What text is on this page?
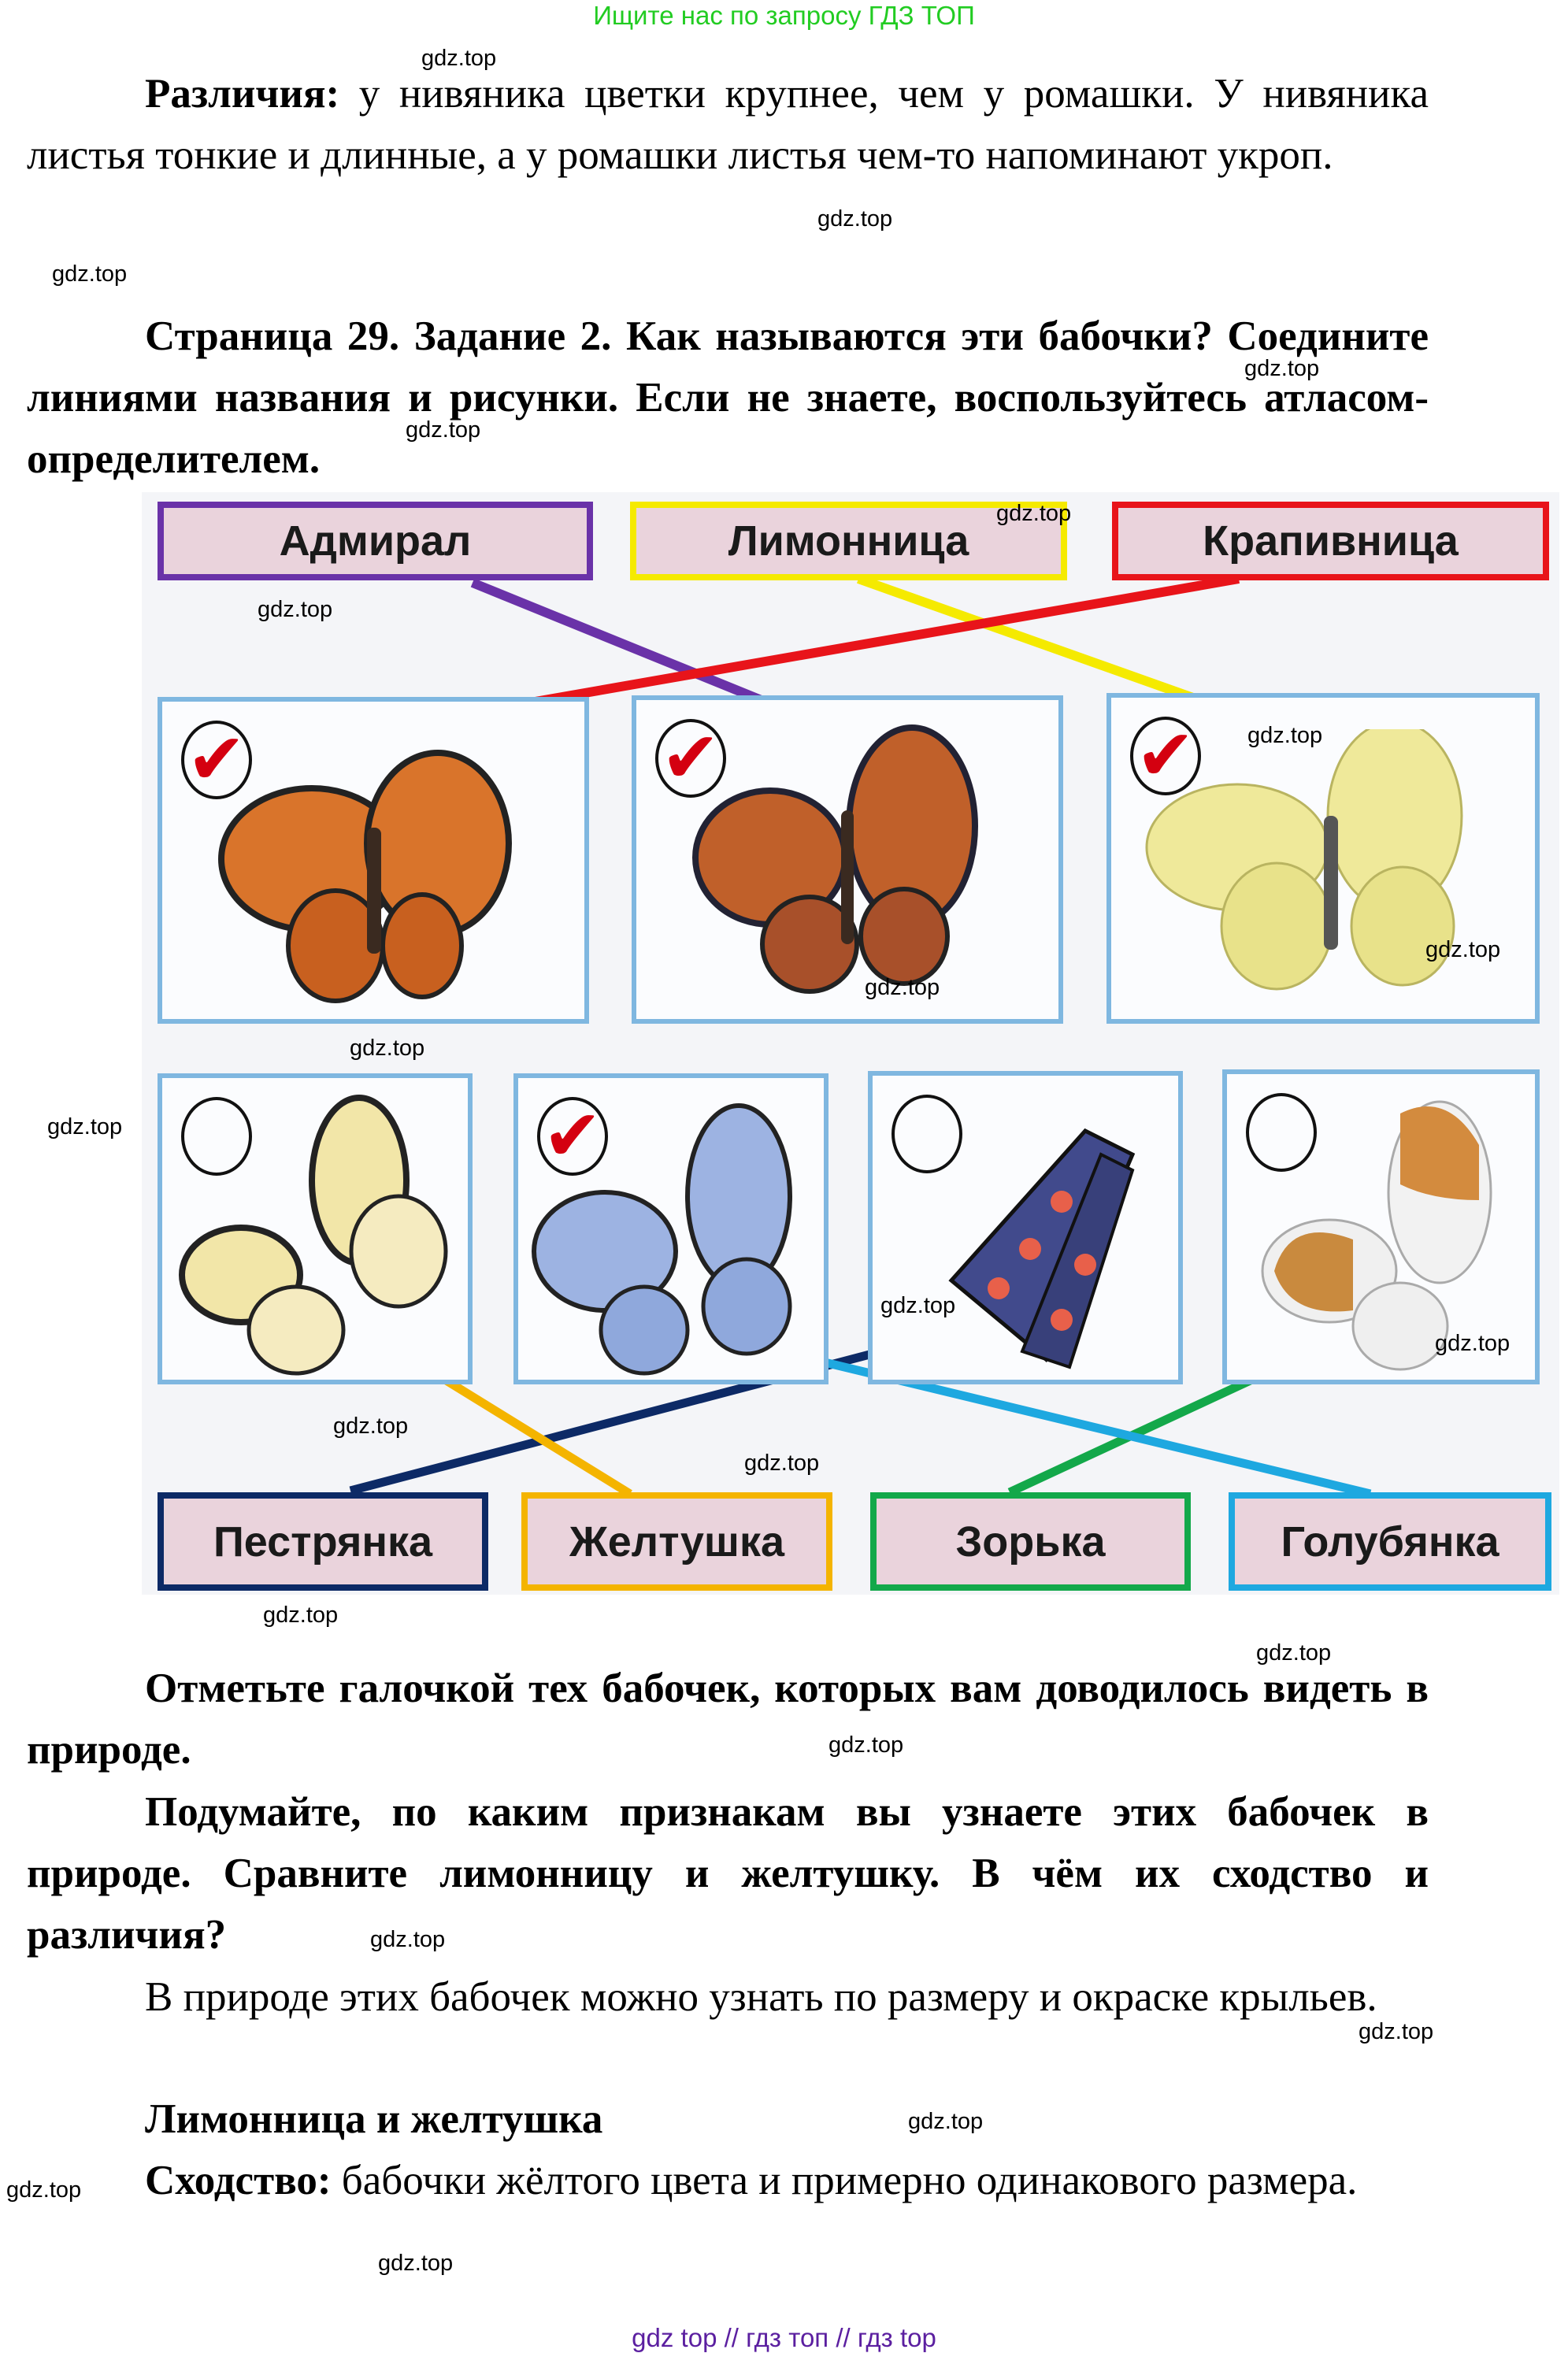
Ищите нас по запросу ГДЗ ТОП
gdz.top
Различия: у нивяника цветки крупнее, чем у ромашки. У нивяника листья тонкие и длинные, а у ромашки листья чем-то напоминают укроп.
gdz.top
gdz.top
Страница 29. Задание 2. Как называются эти бабочки? Соедините линиями названия и рисунки. Если не знаете, воспользуйтесь атласом-определителем.
gdz.top
gdz.top
Адмирал	Лимонница	Крапивница
✔	✔	✔
✔
Пестрянка	Желтушка	Зорька	Голубянка
gdz.top
gdz.top
gdz.top
gdz.top
gdz.top
gdz.top
gdz.top
gdz.top
gdz.top
gdz.top
gdz.top
gdz.top
gdz.top
Отметьте галочкой тех бабочек, которых вам доводилось видеть в природе.	gdz.top
Подумайте, по каким признакам вы узнаете этих бабочек в природе. Сравните лимонницу и желтушку. В чём их сходство и различия?	gdz.top
В природе этих бабочек можно узнать по размеру и окраске крыльев.
gdz.top
Лимонница и желтушка	gdz.top
Сходство: бабочки жёлтого цвета и примерно одинакового размера.
gdz.top
gdz.top
gdz top // гдз топ // гдз top
